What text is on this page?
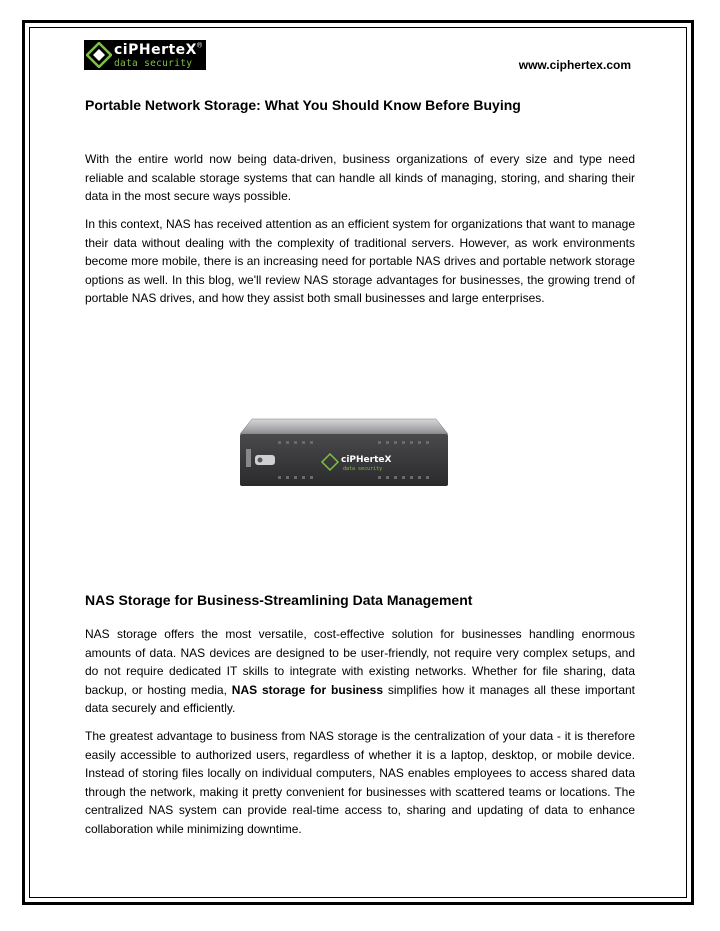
ciPHerteX®
data security	www.ciphertex.com
Portable Network Storage: What You Should Know Before Buying

With the entire world now being data-driven, business organizations of every size and type need reliable and scalable storage systems that can handle all kinds of managing, storing, and sharing their data in the most secure ways possible.

In this context, NAS has received attention as an efficient system for organizations that want to manage their data without dealing with the complexity of traditional servers. However, as work environments become more mobile, there is an increasing need for portable NAS drives and portable network storage options as well. In this blog, we'll review NAS storage advantages for businesses, the growing trend of portable NAS drives, and how they assist both small businesses and large enterprises.

ciPHerteX
data security
NAS Storage for Business-Streamlining Data Management

NAS storage offers the most versatile, cost-effective solution for businesses handling enormous amounts of data. NAS devices are designed to be user-friendly, not require very complex setups, and do not require dedicated IT skills to integrate with existing networks. Whether for file sharing, data backup, or hosting media, NAS storage for business simplifies how it manages all these important data securely and efficiently.

The greatest advantage to business from NAS storage is the centralization of your data - it is therefore easily accessible to authorized users, regardless of whether it is a laptop, desktop, or mobile device. Instead of storing files locally on individual computers, NAS enables employees to access shared data through the network, making it pretty convenient for businesses with scattered teams or locations. The centralized NAS system can provide real-time access to, sharing and updating of data to enhance collaboration while minimizing downtime.
